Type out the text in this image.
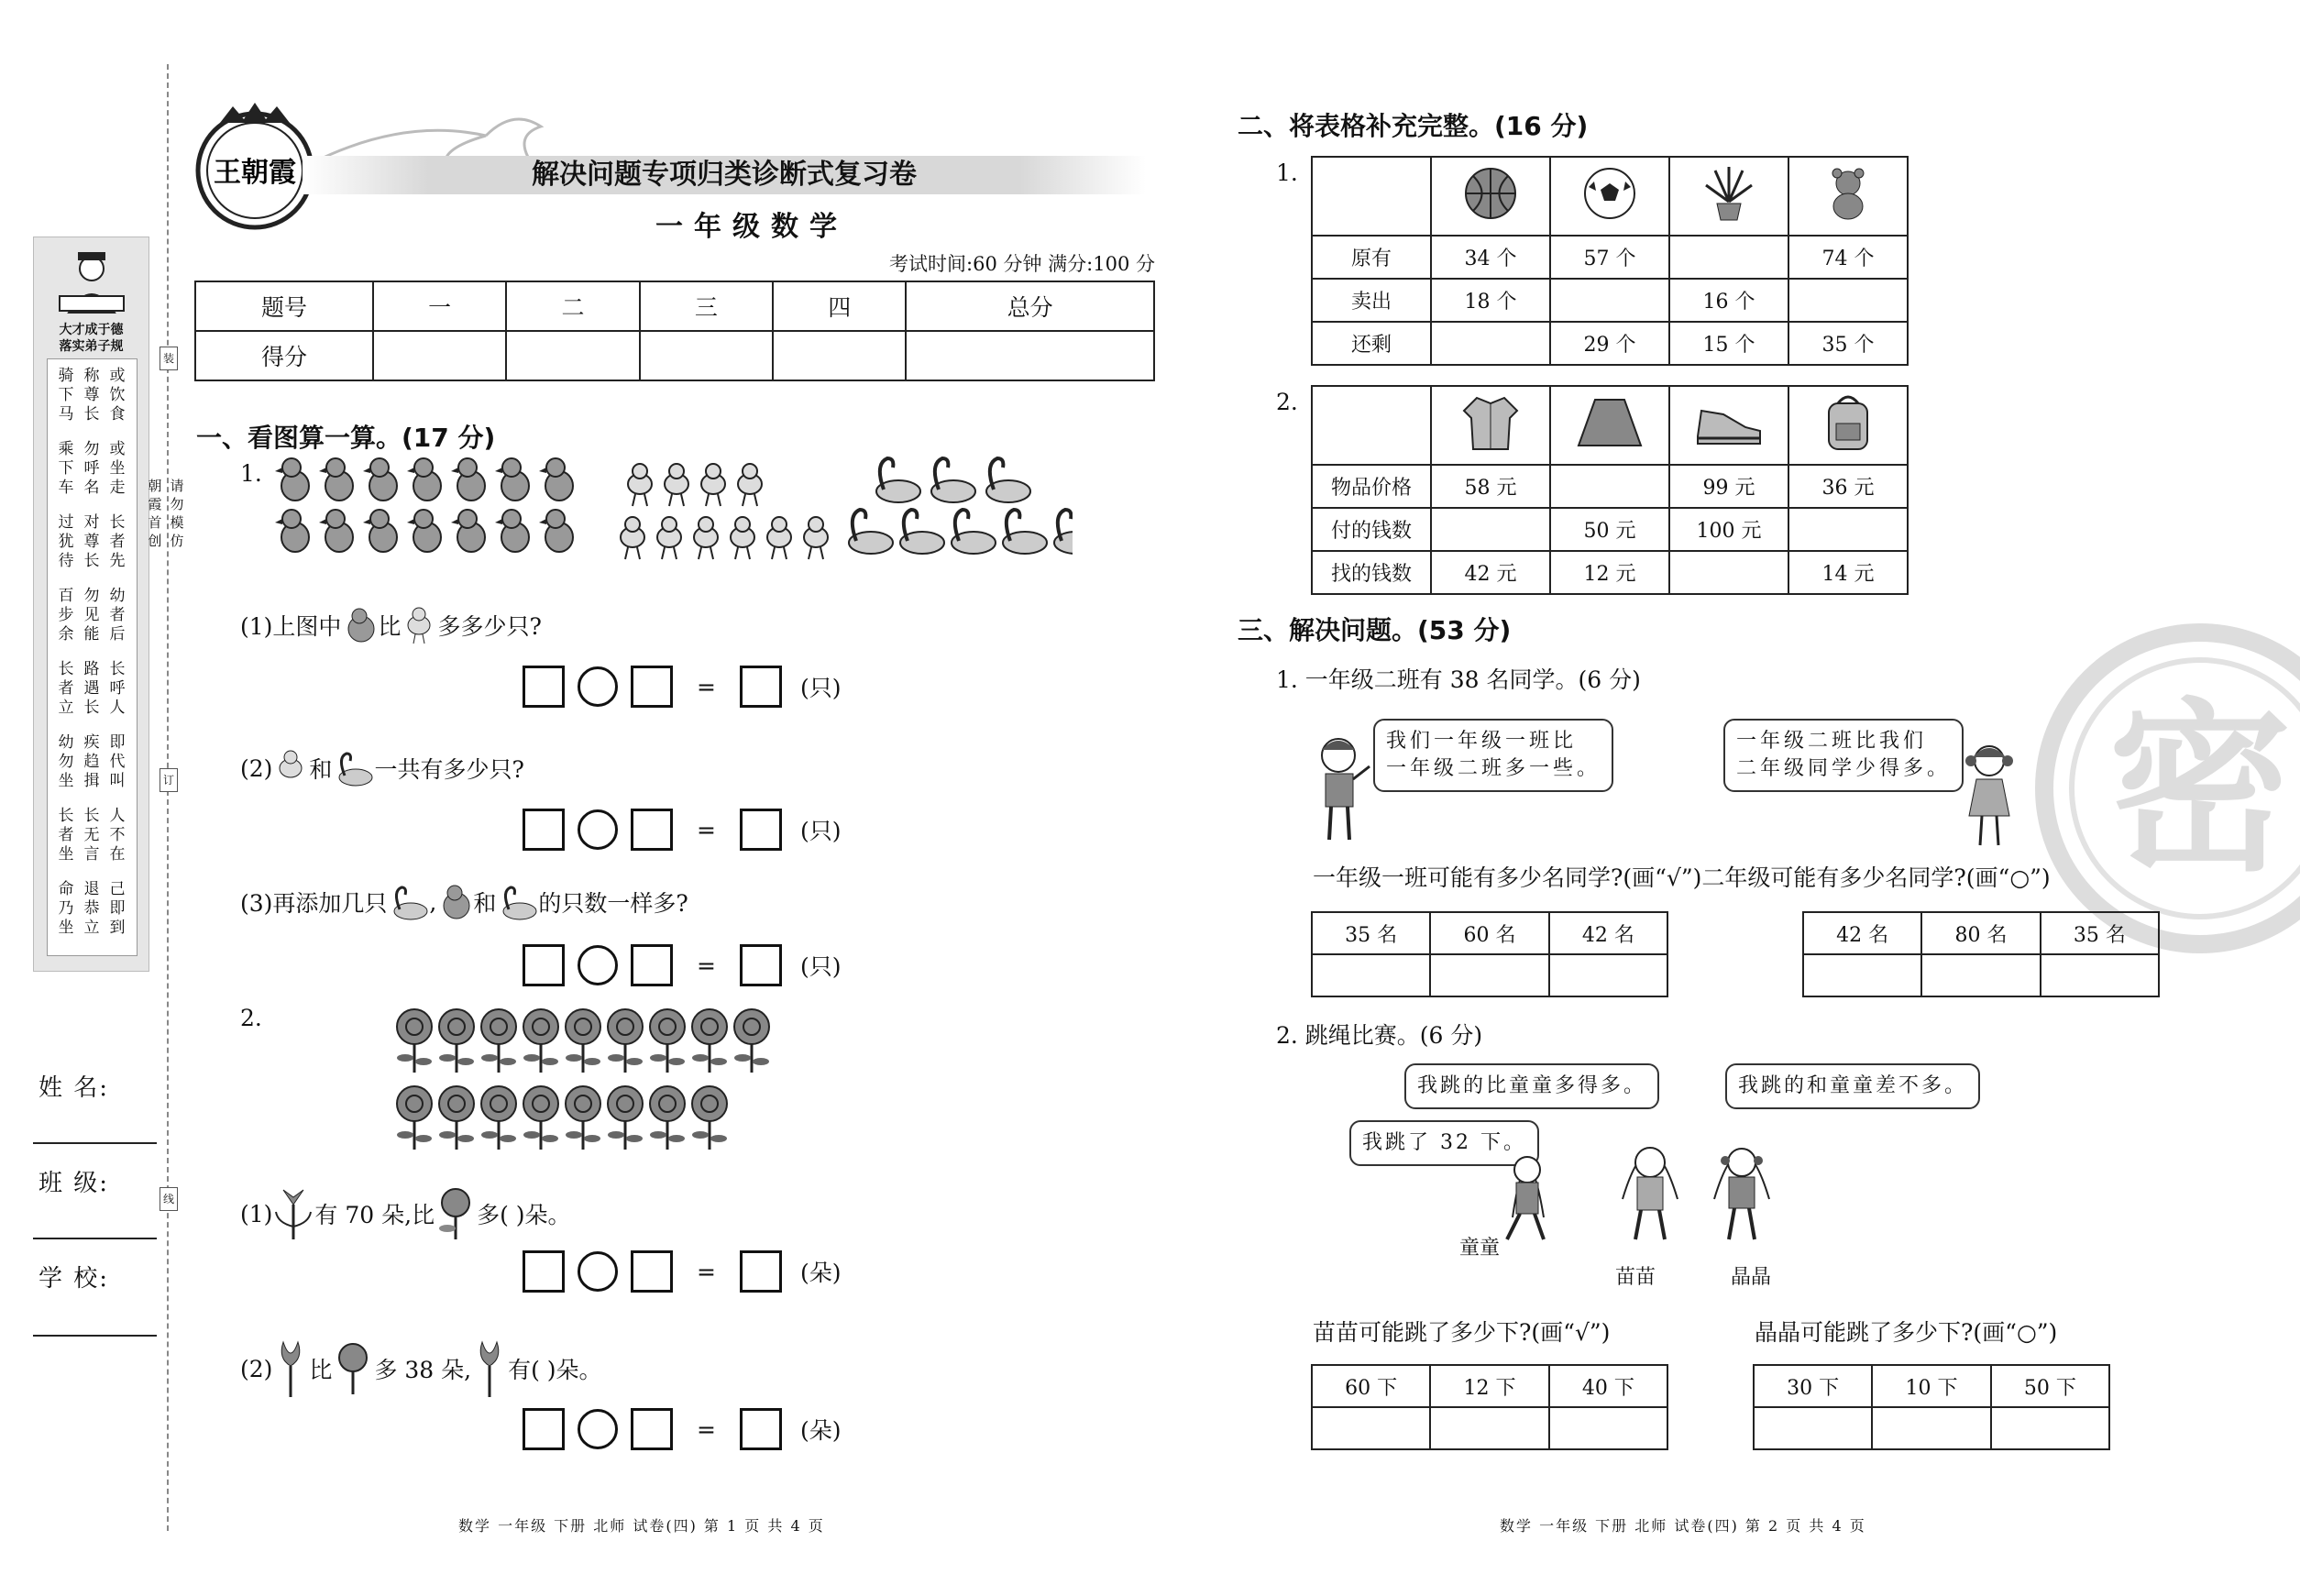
大才成于德
落实弟子规
骑
下
马
称
尊
长
或
饮
食
乘
下
车
勿
呼
名
或
坐
走
过
犹
待
对
尊
长
长
者
先
百
步
余
勿
见
能
幼
者
后
长
者
立
路
遇
长
长
呼
人
幼
勿
坐
疾
趋
揖
即
代
叫
长
者
坐
长
无
言
人
不
在
命
乃
坐
退
恭
立
己
即
到
装
订
线
朝
霞
首
创
请
勿
模
仿
姓 名:
班 级:
学 校:
王朝霞	解决问题专项归类诊断式复习卷
一年级数学
考试时间:60 分钟 满分:100 分
题号	一	二	三	四	总分
得分					
一、看图算一算。(17 分)
1.
(1)上图中 比 多多少只?
=	(只)
(2) 和 一共有多少只?
=	(只)
(3)再添加几只 , 和 的只数一样多?
=	(只)
2.
(1) 有 70 朵,比 多( )朵。
=	(朵)
(2) 比 多 38 朵, 有( )朵。
=	(朵)
数学 一年级 下册 北师 试卷(四) 第 1 页 共 4 页
密
二、将表格补充完整。(16 分)
1.

原有	34 个	57 个		74 个
卖出	18 个		16 个	
还剩		29 个	15 个	35 个
2.

物品价格	58 元		99 元	36 元
付的钱数		50 元	100 元	
找的钱数	42 元	12 元		14 元
三、解决问题。(53 分)
1. 一年级二班有 38 名同学。(6 分)
我们一年级一班比
一年级二班多一些。
一年级二班比我们
二年级同学少得多。
一年级一班可能有多少名同学?(画“√”)二年级可能有多少名同学?(画“○”)
35 名	60 名	42 名
			42 名	80 名	35 名

2. 跳绳比赛。(6 分)
我跳的比童童多得多。	我跳的和童童差不多。
我跳了 32 下。
童童
苗苗	晶晶
苗苗可能跳了多少下?(画“√”)	晶晶可能跳了多少下?(画“○”)
60 下	12 下	40 下
			30 下	10 下	50 下

数学 一年级 下册 北师 试卷(四) 第 2 页 共 4 页
